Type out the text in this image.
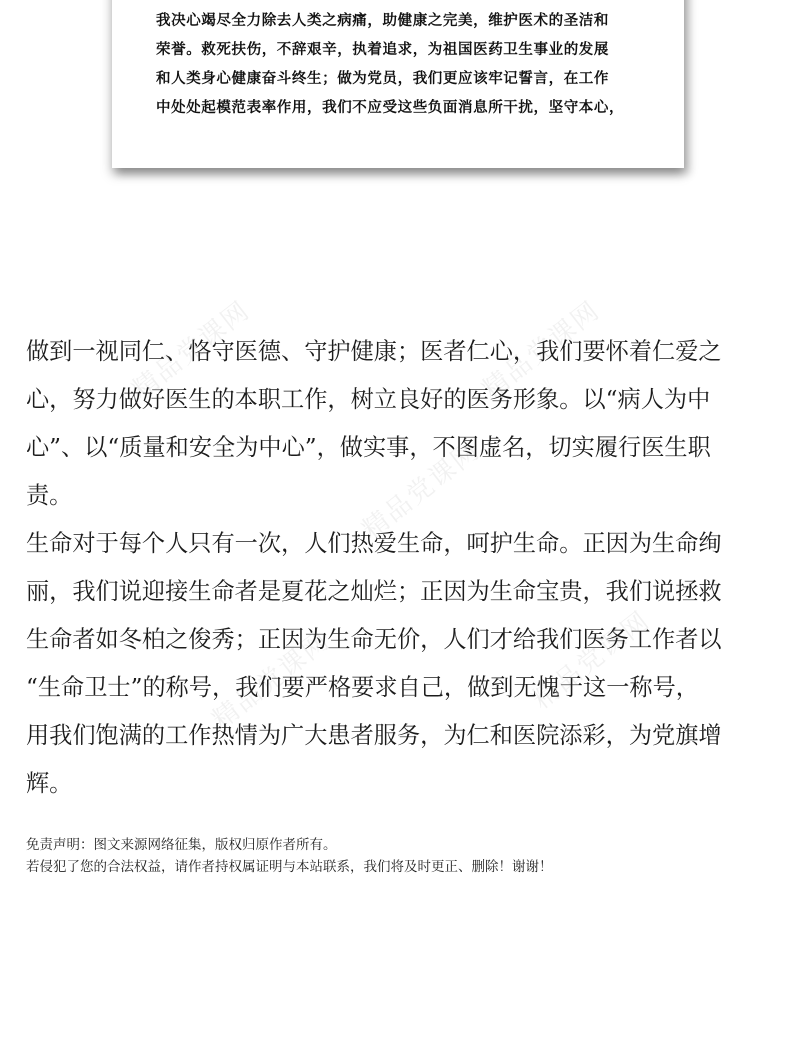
精品党课网	精品党课网
精品党课网
精品党课网	精品党课网
我决心竭尽全力除去人类之病痛，助健康之完美，维护医术的圣洁和
荣誉。救死扶伤，不辞艰辛，执着追求，为祖国医药卫生事业的发展
和人类身心健康奋斗终生；做为党员，我们更应该牢记誓言，在工作
中处处起模范表率作用，我们不应受这些负面消息所干扰，坚守本心，
做到一视同仁、恪守医德、守护健康；医者仁心，我们要怀着仁爱之
心，努力做好医生的本职工作，树立良好的医务形象。以“病人为中
心”、以“质量和安全为中心”，做实事，不图虚名，切实履行医生职
责。
生命对于每个人只有一次，人们热爱生命，呵护生命。正因为生命绚
丽，我们说迎接生命者是夏花之灿烂；正因为生命宝贵，我们说拯救
生命者如冬柏之俊秀；正因为生命无价，人们才给我们医务工作者以
“生命卫士”的称号，我们要严格要求自己，做到无愧于这一称号，
用我们饱满的工作热情为广大患者服务，为仁和医院添彩，为党旗增
辉。
免责声明：图文来源网络征集，版权归原作者所有。
若侵犯了您的合法权益，请作者持权属证明与本站联系，我们将及时更正、删除！谢谢！
